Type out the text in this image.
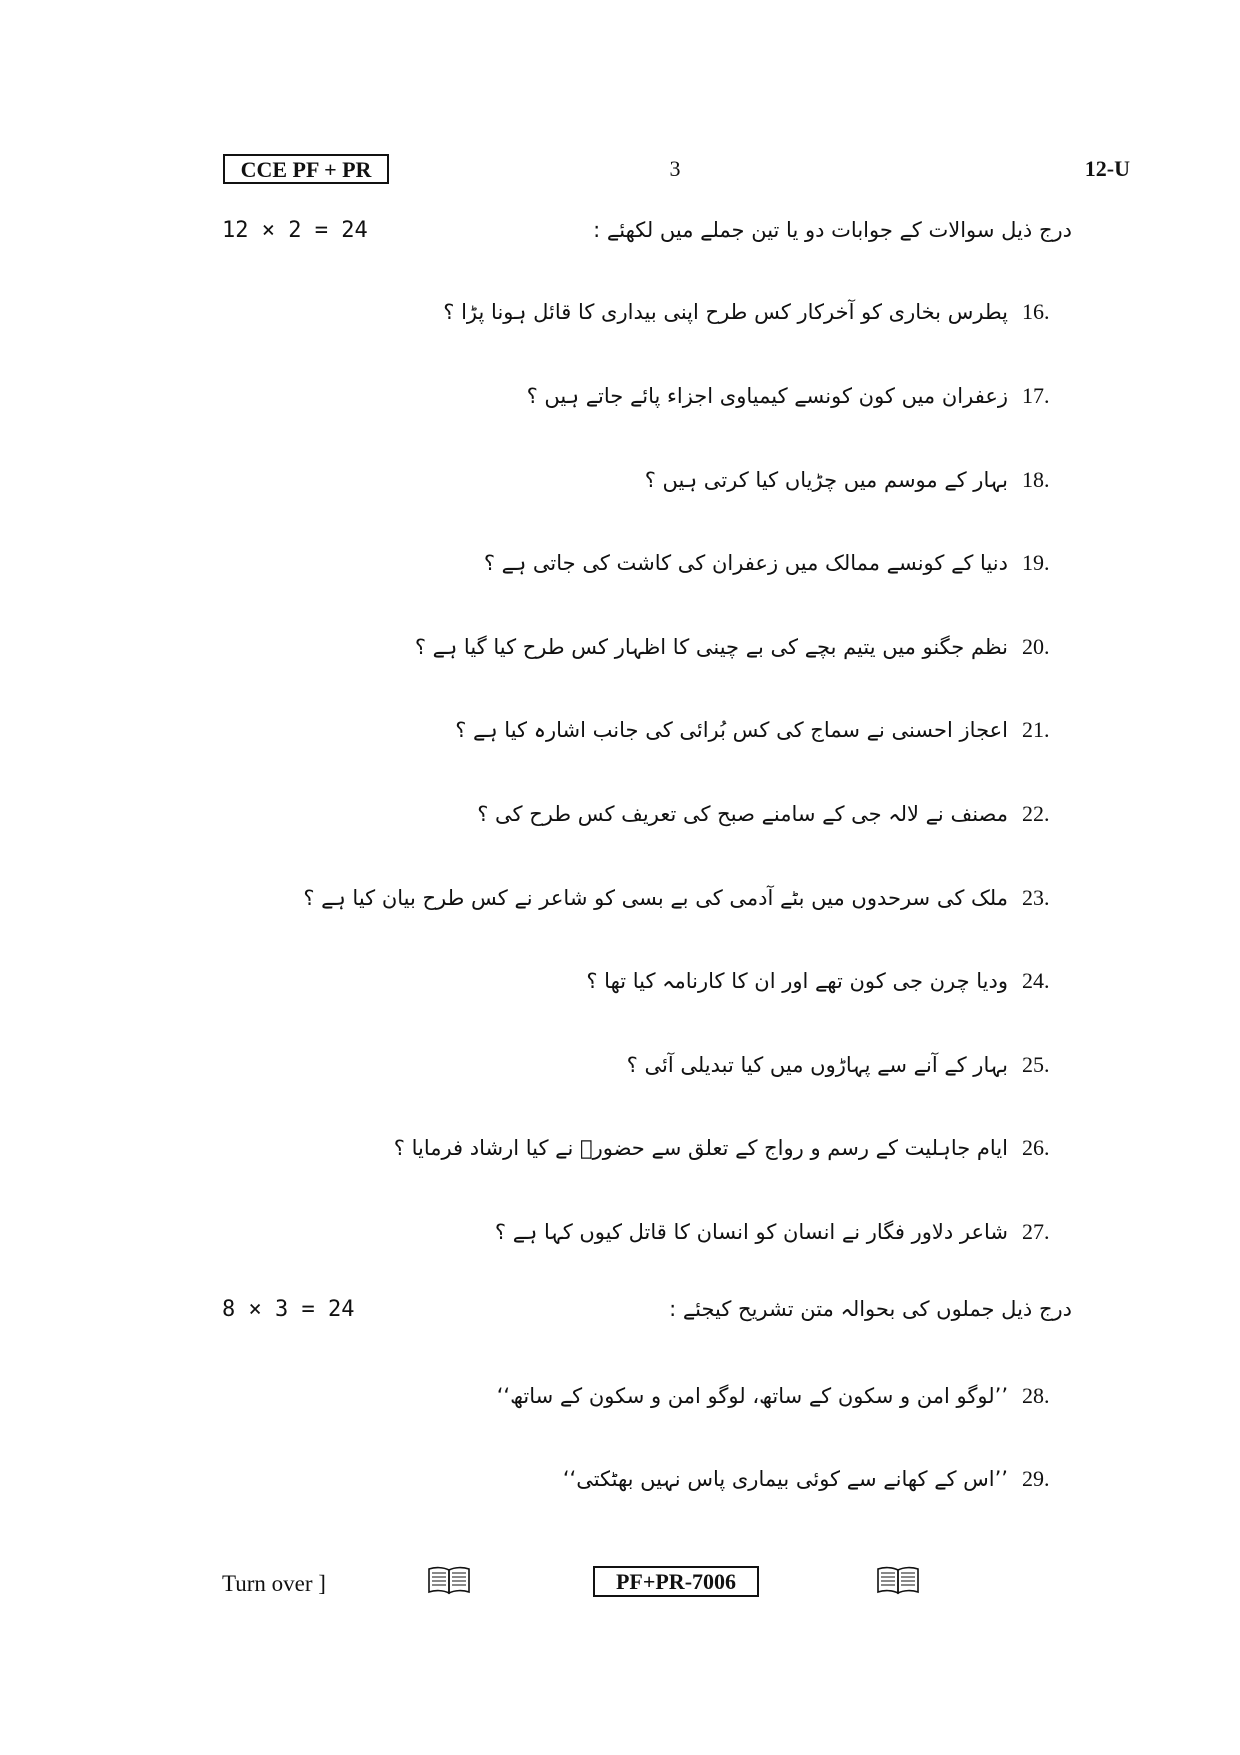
CCE PF + PR	3	12-U
12 × 2 = 24	درج ذیل سوالات کے جوابات دو یا تین جملے میں لکھئے :
16.
پطرس بخاری کو آخرکار کس طرح اپنی بیداری کا قائل ہونا پڑا ؟
17.
زعفران میں کون کونسے کیمیاوی اجزاء پائے جاتے ہیں ؟
18.
بہار کے موسم میں چڑیاں کیا کرتی ہیں ؟
19.
دنیا کے کونسے ممالک میں زعفران کی کاشت کی جاتی ہے ؟
20.
نظم جگنو میں یتیم بچے کی بے چینی کا اظہار کس طرح کیا گیا ہے ؟
21.
اعجاز احسنی نے سماج کی کس بُرائی کی جانب اشارہ کیا ہے ؟
22.
مصنف نے لالہ جی کے سامنے صبح کی تعریف کس طرح کی ؟
23.
ملک کی سرحدوں میں بٹے آدمی کی بے بسی کو شاعر نے کس طرح بیان کیا ہے ؟
24.
ودیا چرن جی کون تھے اور ان کا کارنامہ کیا تھا ؟
25.
بہار کے آنے سے پہاڑوں میں کیا تبدیلی آئی ؟
26.
ایام جاہلیت کے رسم و رواج کے تعلق سے حضورؐ نے کیا ارشاد فرمایا ؟
27.
شاعر دلاور فگار نے انسان کو انسان کا قاتل کیوں کہا ہے ؟
8 × 3 = 24	درج ذیل جملوں کی بحوالہ متن تشریح کیجئے :
28.
’’لوگو امن و سکون کے ساتھ، لوگو امن و سکون کے ساتھ‘‘
29.
’’اس کے کھانے سے کوئی بیماری پاس نہیں بھٹکتی‘‘
Turn over ]	PF+PR-7006
